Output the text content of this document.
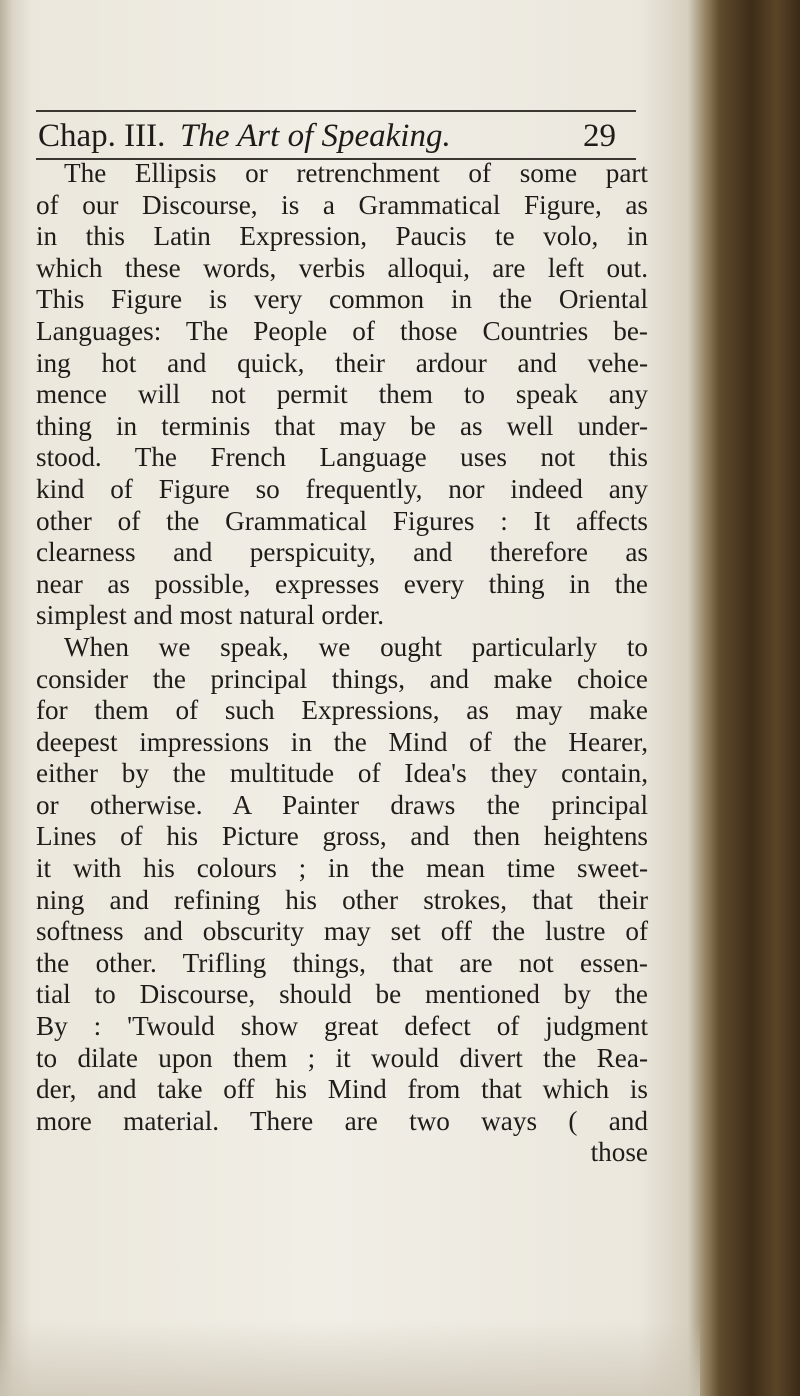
Chap. III. The Art of Speaking.	29
The Ellipsis or retrenchment of some part
of our Discourse, is a Grammatical Figure, as
in this Latin Expression, Paucis te volo, in
which these words, verbis alloqui, are left out.
This Figure is very common in the Oriental
Languages: The People of those Countries be-
ing hot and quick, their ardour and vehe-
mence will not permit them to speak any
thing in terminis that may be as well under-
stood. The French Language uses not this
kind of Figure so frequently, nor indeed any
other of the Grammatical Figures : It affects
clearness and perspicuity, and therefore as
near as possible, expresses every thing in the
simplest and most natural order.
When we speak, we ought particularly to
consider the principal things, and make choice
for them of such Expressions, as may make
deepest impressions in the Mind of the Hearer,
either by the multitude of Idea's they contain,
or otherwise. A Painter draws the principal
Lines of his Picture gross, and then heightens
it with his colours ; in the mean time sweet-
ning and refining his other strokes, that their
softness and obscurity may set off the lustre of
the other. Trifling things, that are not essen-
tial to Discourse, should be mentioned by the
By : 'Twould show great defect of judgment
to dilate upon them ; it would divert the Rea-
der, and take off his Mind from that which is
more material. There are two ways ( and
those
